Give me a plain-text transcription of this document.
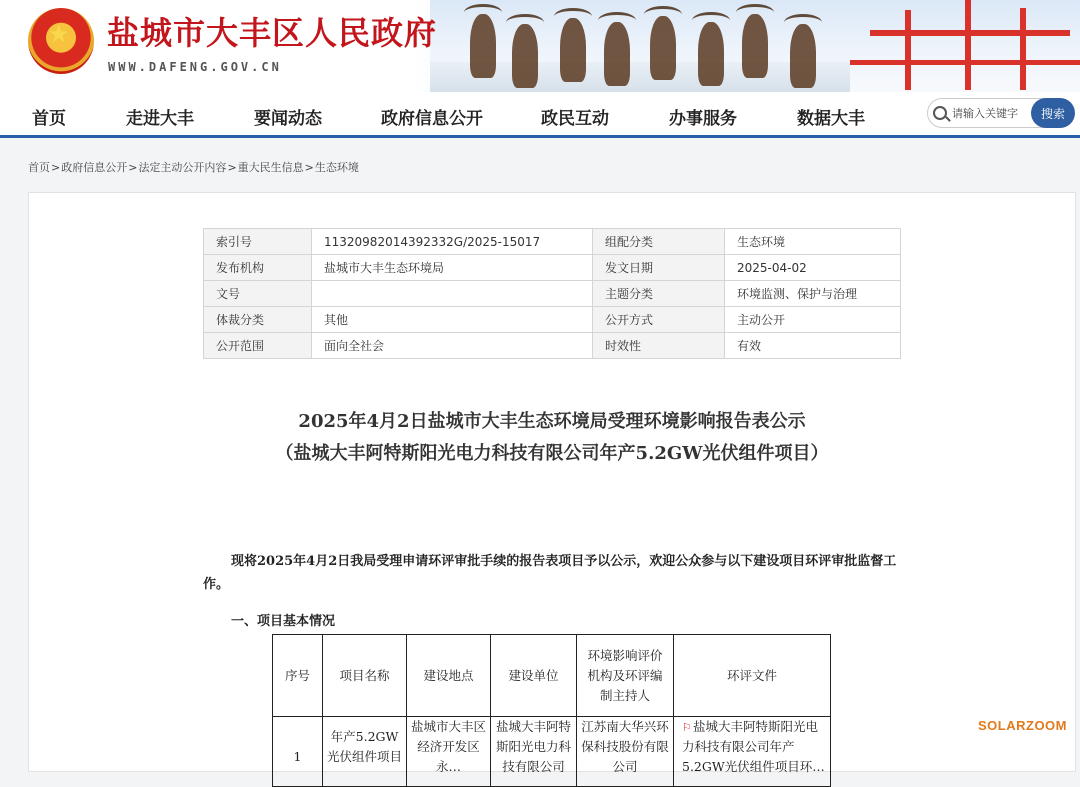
★
盐城市大丰区人民政府
WWW.DAFENG.GOV.CN
首页	走进大丰	要闻动态	政府信息公开	政民互动	办事服务	数据大丰
请输入关键字	搜索
首页>政府信息公开>法定主动公开内容>重大民生信息>生态环境
索引号	11320982014392332G/2025-15017	组配分类	生态环境
发布机构	盐城市大丰生态环境局	发文日期	2025-04-02
文号		主题分类	环境监测、保护与治理
体裁分类	其他	公开方式	主动公开
公开范围	面向全社会	时效性	有效
2025年4月2日盐城市大丰生态环境局受理环境影响报告表公示
（盐城大丰阿特斯阳光电力科技有限公司年产5.2GW光伏组件项目）
现将2025年4月2日我局受理申请环评审批手续的报告表项目予以公示，欢迎公众参与以下建设项目环评审批监督工作。
一、项目基本情况
序号	项目名称	建设地点	建设单位	环境影响评价机构及环评编制主持人	环评文件

1	年产5.2GW光伏组件项目	盐城市大丰区经济开发区永…	盐城大丰阿特斯阳光电力科技有限公司	江苏南大华兴环保科技股份有限公司	⚐盐城大丰阿特斯阳光电力科技有限公司年产5.2GW光伏组件项目环…
SOLARZOOM
